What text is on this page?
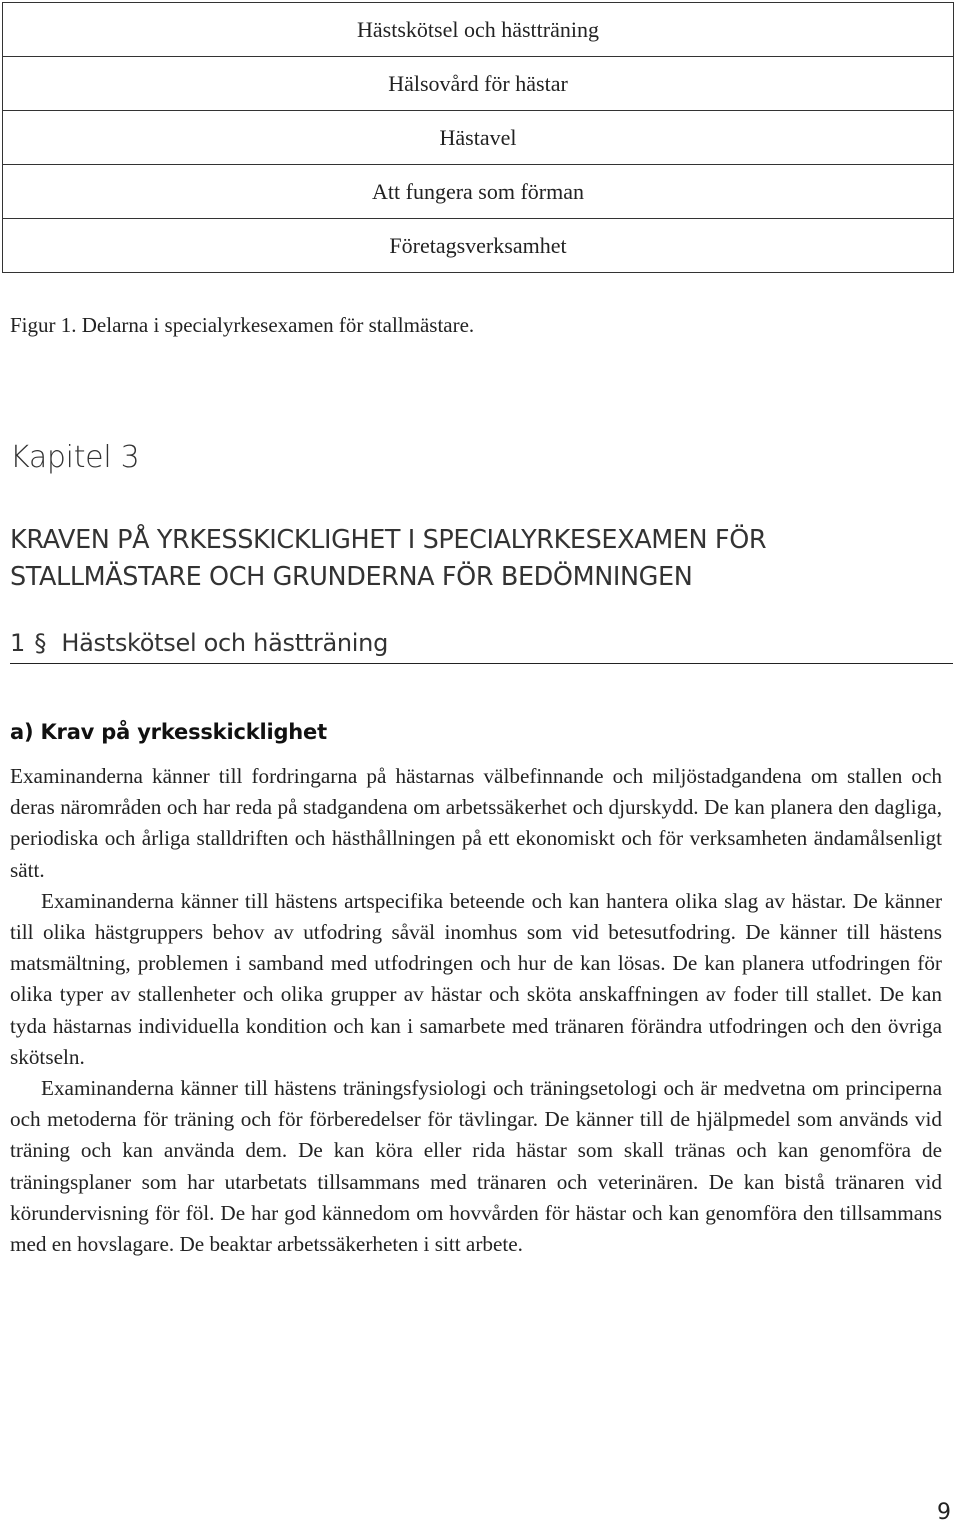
Hästskötsel och hästträning
Hälsovård för hästar
Hästavel
Att fungera som förman
Företagsverksamhet
Figur 1. Delarna i specialyrkesexamen för stallmästare.
Kapitel 3
KRAVEN PÅ YRKESSKICKLIGHET I SPECIALYRKESEXAMEN FÖR
STALLMÄSTARE OCH GRUNDERNA FÖR BEDÖMNINGEN
1 § Hästskötsel och hästträning
a) Krav på yrkesskicklighet

Examinanderna känner till fordringarna på hästarnas välbefinnande och miljöstadgandena om stallen och deras närområden och har reda på stadgandena om arbetssäkerhet och djurskydd. De kan planera den dagliga, periodiska och årliga stalldriften och hästhållningen på ett ekonomiskt och för verksamheten ändamålsenligt sätt.

Examinanderna känner till hästens artspecifika beteende och kan hantera olika slag av hästar. De känner till olika hästgruppers behov av utfodring såväl inomhus som vid betesutfodring. De känner till hästens matsmältning, problemen i samband med utfodringen och hur de kan lösas. De kan planera utfodringen för olika typer av stallenheter och olika grupper av hästar och sköta anskaffningen av foder till stallet. De kan tyda hästarnas individuella kondition och kan i samarbete med tränaren förändra utfodringen och den övriga skötseln.

Examinanderna känner till hästens träningsfysiologi och träningsetologi och är medvetna om principerna och metoderna för träning och för förberedelser för tävlingar. De känner till de hjälpmedel som används vid träning och kan använda dem. De kan köra eller rida hästar som skall tränas och kan genomföra de träningsplaner som har utarbetats tillsammans med tränaren och veterinären. De kan bistå tränaren vid körundervisning för föl. De har god kännedom om hovvården för hästar och kan genomföra den tillsammans med en hovslagare. De beaktar arbetssäkerheten i sitt arbete.

9
